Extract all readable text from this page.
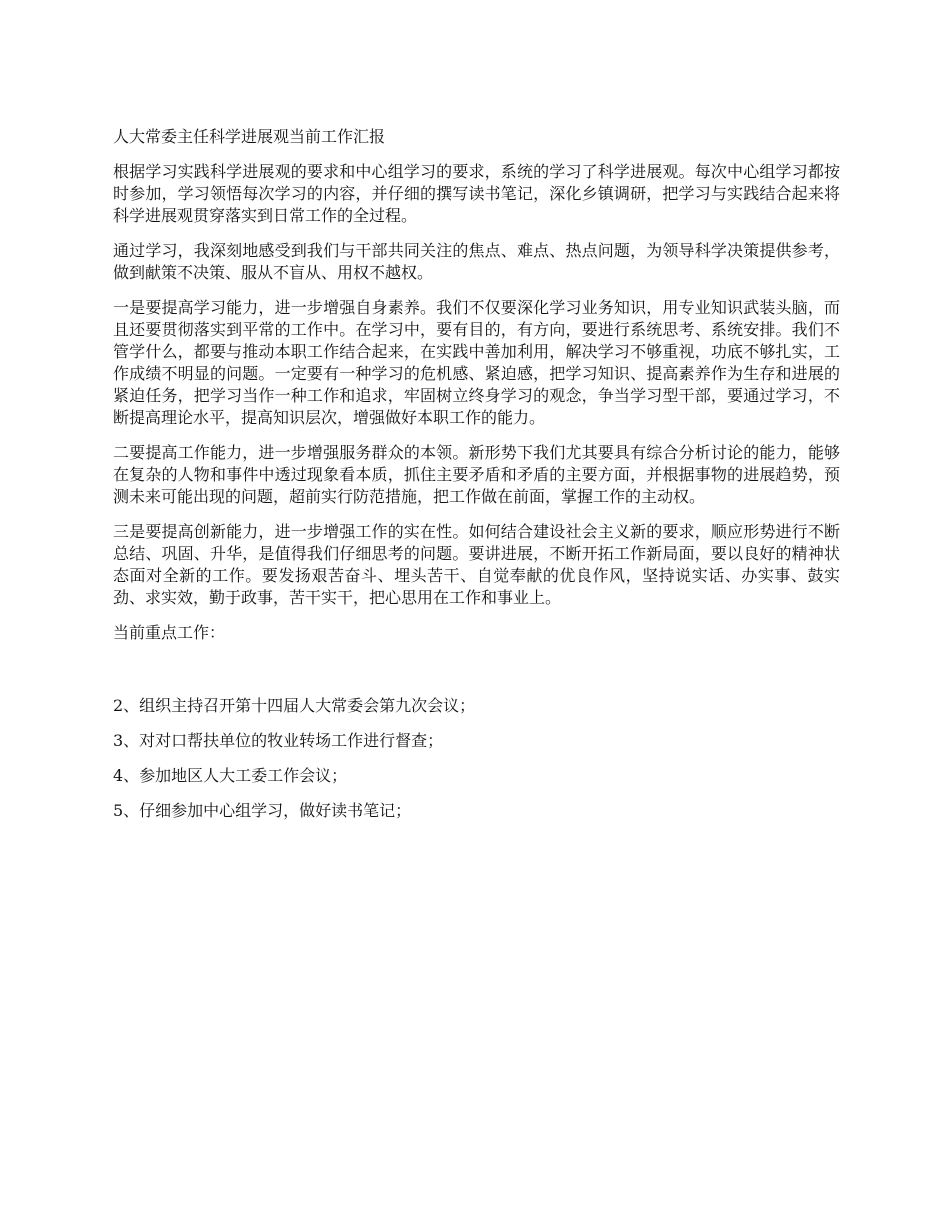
人大常委主任科学进展观当前工作汇报

根据学习实践科学进展观的要求和中心组学习的要求，系统的学习了科学进展观。每次中心组学习都按时参加，学习领悟每次学习的内容，并仔细的撰写读书笔记，深化乡镇调研，把学习与实践结合起来将科学进展观贯穿落实到日常工作的全过程。

通过学习，我深刻地感受到我们与干部共同关注的焦点、难点、热点问题，为领导科学决策提供参考，做到献策不决策、服从不盲从、用权不越权。

一是要提高学习能力，进一步增强自身素养。我们不仅要深化学习业务知识，用专业知识武装头脑，而且还要贯彻落实到平常的工作中。在学习中，要有目的，有方向，要进行系统思考、系统安排。我们不管学什么，都要与推动本职工作结合起来，在实践中善加利用，解决学习不够重视，功底不够扎实，工作成绩不明显的问题。一定要有一种学习的危机感、紧迫感，把学习知识、提高素养作为生存和进展的紧迫任务，把学习当作一种工作和追求，牢固树立终身学习的观念，争当学习型干部，要通过学习，不断提高理论水平，提高知识层次，增强做好本职工作的能力。

二要提高工作能力，进一步增强服务群众的本领。新形势下我们尤其要具有综合分析讨论的能力，能够在复杂的人物和事件中透过现象看本质，抓住主要矛盾和矛盾的主要方面，并根据事物的进展趋势，预测未来可能出现的问题，超前实行防范措施，把工作做在前面，掌握工作的主动权。

三是要提高创新能力，进一步增强工作的实在性。如何结合建设社会主义新的要求，顺应形势进行不断总结、巩固、升华，是值得我们仔细思考的问题。要讲进展，不断开拓工作新局面，要以良好的精神状态面对全新的工作。要发扬艰苦奋斗、埋头苦干、自觉奉献的优良作风，坚持说实话、办实事、鼓实劲、求实效，勤于政事，苦干实干，把心思用在工作和事业上。

当前重点工作：

2、组织主持召开第十四届人大常委会第九次会议；
3、对对口帮扶单位的牧业转场工作进行督查；
4、参加地区人大工委工作会议；
5、仔细参加中心组学习，做好读书笔记；
